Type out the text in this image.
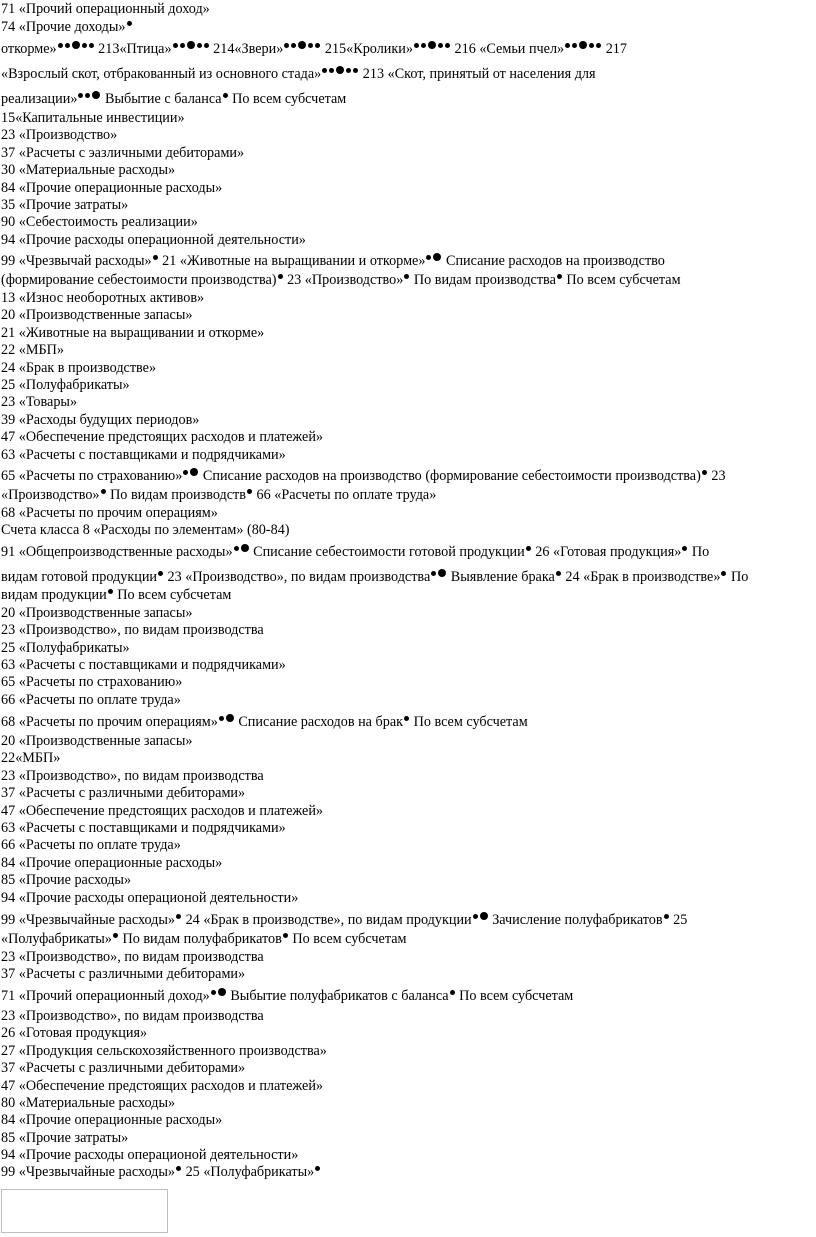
71 «Прочий операционный доход»
74 «Прочие доходы»
откорме»	213«Птица»	214«Звери»	215«Кролики»	216 «Семьи пчел»	217
«Взрослый скот, отбракованный из основного стада»	213 «Скот, принятый от населения для
реализации» Выбытие с баланса По всем субсчетам
15«Капитальные инвестиции»
23 «Производство»
37 «Расчеты с эазличными дебиторами»
30 «Материальные расходы»
84 «Прочие операционные расходы»
35 «Прочие затраты»
90 «Себестоимость реализации»
94 «Прочие расходы операционной деятельности»
99 «Чрезвычай расходы» 21 «Животные на выращивании и откорме» Списание расходов на производство
(формирование себестоимости производства) 23 «Производство» По видам производства По всем субсчетам
13 «Износ необоротных активов»
20 «Производственные запасы»
21 «Животные на выращивании и откорме»
22 «МБП»
24 «Брак в производстве»
25 «Полуфабрикаты»
23 «Товары»
39 «Расходы будущих периодов»
47 «Обеспечение предстоящих расходов и платежей»
63 «Расчеты с поставщиками и подрядчиками»
65 «Расчеты по страхованию» Списание расходов на производство (формирование себестоимости производства) 23
«Производство» По видам производств 66 «Расчеты по оплате труда»
68 «Расчеты по прочим операциям»
Счета класса 8 «Расходы по элементам» (80-84)
91 «Общепроизводственные расходы» Списание себестоимости готовой продукции 26 «Готовая продукция» По
видам готовой продукции 23 «Производство», по видам производства Выявление брака 24 «Брак в производстве» По
видам продукции По всем субсчетам
20 «Производственные запасы»
23 «Производство», по видам производства
25 «Полуфабрикаты»
63 «Расчеты с поставщиками и подрядчиками»
65 «Расчеты по страхованию»
66 «Расчеты по оплате труда»
68 «Расчеты по прочим операциям» Списание расходов на брак По всем субсчетам
20 «Производственные запасы»
22«МБП»
23 «Производство», по видам производства
37 «Расчеты с различными дебиторами»
47 «Обеспечение предстоящих расходов и платежей»
63 «Расчеты с поставщиками и подрядчиками»
66 «Расчеты по оплате труда»
84 «Прочие операционные расходы»
85 «Прочие расходы»
94 «Прочие расходы операционой деятельности»
99 «Чрезвычайные расходы» 24 «Брак в производстве», по видам продукции Зачисление полуфабрикатов 25
«Полуфабрикаты» По видам полуфабрикатов По всем субсчетам
23 «Производство», по видам производства
37 «Расчеты с различными дебиторами»
71 «Прочий операционный доход» Выбытие полуфабрикатов с баланса По всем субсчетам
23 «Производство», по видам производства
26 «Готовая продукция»
27 «Продукция сельскохозяйственного производства»
37 «Расчеты с различными дебиторами»
47 «Обеспечение предстоящих расходов и платежей»
80 «Материальные расходы»
84 «Прочие операционные расходы»
85 «Прочие затраты»
94 «Прочие расходы операционой деятельности»
99 «Чрезвычайные расходы» 25 «Полуфабрикаты»
